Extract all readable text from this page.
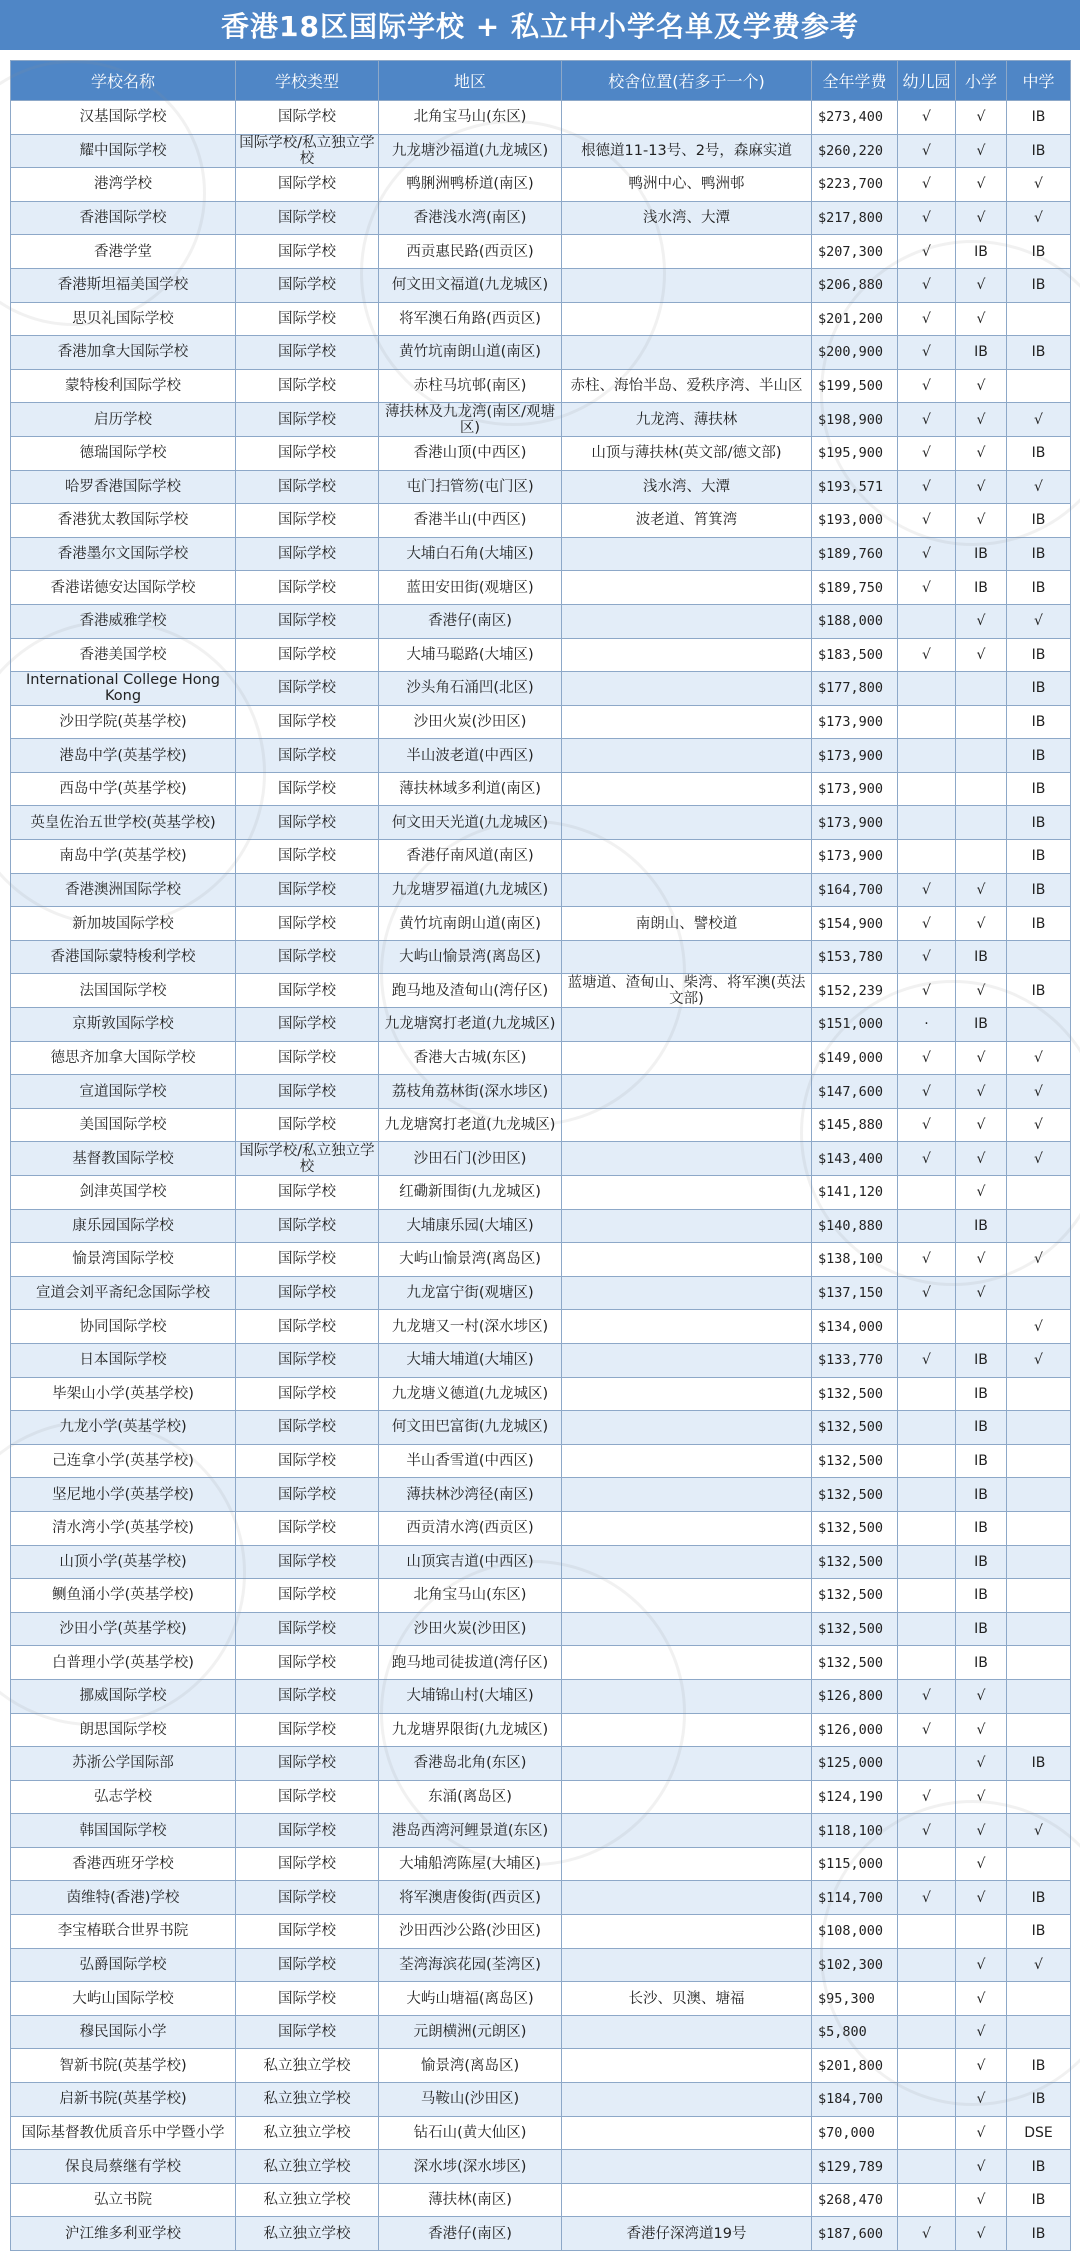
香港18区国际学校 + 私立中小学名单及学费参考
学校名称	学校类型	地区	校舍位置(若多于一个)	全年学费	幼儿园	小学	中学
汉基国际学校	国际学校	北角宝马山(东区)		$273,400	√	√	IB
耀中国际学校	国际学校/私立独立学校	九龙塘沙福道(九龙城区)	根德道11-13号、2号，森麻实道	$260,220	√	√	IB
港湾学校	国际学校	鸭脷洲鸭桥道(南区)	鸭洲中心、鸭洲邨	$223,700	√	√	√
香港国际学校	国际学校	香港浅水湾(南区)	浅水湾、大潭	$217,800	√	√	√
香港学堂	国际学校	西贡惠民路(西贡区)		$207,300	√	IB	IB
香港斯坦福美国学校	国际学校	何文田文福道(九龙城区)		$206,880	√	√	IB
思贝礼国际学校	国际学校	将军澳石角路(西贡区)		$201,200	√	√	
香港加拿大国际学校	国际学校	黄竹坑南朗山道(南区)		$200,900	√	IB	IB
蒙特梭利国际学校	国际学校	赤柱马坑邨(南区)	赤柱、海怡半岛、爱秩序湾、半山区	$199,500	√	√	
启历学校	国际学校	薄扶林及九龙湾(南区/观塘区)	九龙湾、薄扶林	$198,900	√	√	√
德瑞国际学校	国际学校	香港山顶(中西区)	山顶与薄扶林(英文部/德文部)	$195,900	√	√	IB
哈罗香港国际学校	国际学校	屯门扫管笏(屯门区)	浅水湾、大潭	$193,571	√	√	√
香港犹太教国际学校	国际学校	香港半山(中西区)	波老道、筲箕湾	$193,000	√	√	IB
香港墨尔文国际学校	国际学校	大埔白石角(大埔区)		$189,760	√	IB	IB
香港诺德安达国际学校	国际学校	蓝田安田街(观塘区)		$189,750	√	IB	IB
香港威雅学校	国际学校	香港仔(南区)		$188,000		√	√
香港美国学校	国际学校	大埔马聪路(大埔区)		$183,500	√	√	IB
International College Hong Kong	国际学校	沙头角石涌凹(北区)		$177,800			IB
沙田学院(英基学校)	国际学校	沙田火炭(沙田区)		$173,900			IB
港岛中学(英基学校)	国际学校	半山波老道(中西区)		$173,900			IB
西岛中学(英基学校)	国际学校	薄扶林域多利道(南区)		$173,900			IB
英皇佐治五世学校(英基学校)	国际学校	何文田天光道(九龙城区)		$173,900			IB
南岛中学(英基学校)	国际学校	香港仔南风道(南区)		$173,900			IB
香港澳洲国际学校	国际学校	九龙塘罗福道(九龙城区)		$164,700	√	√	IB
新加坡国际学校	国际学校	黄竹坑南朗山道(南区)	南朗山、譬校道	$154,900	√	√	IB
香港国际蒙特梭利学校	国际学校	大屿山愉景湾(离岛区)		$153,780	√	IB	
法国国际学校	国际学校	跑马地及渣甸山(湾仔区)	蓝塘道、渣甸山、柴湾、将军澳(英法文部)	$152,239	√	√	IB
京斯敦国际学校	国际学校	九龙塘窝打老道(九龙城区)		$151,000	·	IB	
德思齐加拿大国际学校	国际学校	香港大古城(东区)		$149,000	√	√	√
宣道国际学校	国际学校	荔枝角荔林街(深水埗区)		$147,600	√	√	√
美国国际学校	国际学校	九龙塘窝打老道(九龙城区)		$145,880	√	√	√
基督教国际学校	国际学校/私立独立学校	沙田石门(沙田区)		$143,400	√	√	√
剑津英国学校	国际学校	红磡新围街(九龙城区)		$141,120		√	
康乐园国际学校	国际学校	大埔康乐园(大埔区)		$140,880		IB	
愉景湾国际学校	国际学校	大屿山愉景湾(离岛区)		$138,100	√	√	√
宣道会刘平斋纪念国际学校	国际学校	九龙富宁街(观塘区)		$137,150	√	√	
协同国际学校	国际学校	九龙塘又一村(深水埗区)		$134,000			√
日本国际学校	国际学校	大埔大埔道(大埔区)		$133,770	√	IB	√
毕架山小学(英基学校)	国际学校	九龙塘义德道(九龙城区)		$132,500		IB	
九龙小学(英基学校)	国际学校	何文田巴富街(九龙城区)		$132,500		IB	
己连拿小学(英基学校)	国际学校	半山香雪道(中西区)		$132,500		IB	
坚尼地小学(英基学校)	国际学校	薄扶林沙湾径(南区)		$132,500		IB	
清水湾小学(英基学校)	国际学校	西贡清水湾(西贡区)		$132,500		IB	
山顶小学(英基学校)	国际学校	山顶宾吉道(中西区)		$132,500		IB	
鲗鱼涌小学(英基学校)	国际学校	北角宝马山(东区)		$132,500		IB	
沙田小学(英基学校)	国际学校	沙田火炭(沙田区)		$132,500		IB	
白普理小学(英基学校)	国际学校	跑马地司徒拔道(湾仔区)		$132,500		IB	
挪威国际学校	国际学校	大埔锦山村(大埔区)		$126,800	√	√	
朗思国际学校	国际学校	九龙塘界限街(九龙城区)		$126,000	√	√	
苏浙公学国际部	国际学校	香港岛北角(东区)		$125,000		√	IB
弘志学校	国际学校	东涌(离岛区)		$124,190	√	√	
韩国国际学校	国际学校	港岛西湾河鲤景道(东区)		$118,100	√	√	√
香港西班牙学校	国际学校	大埔船湾陈屋(大埔区)		$115,000		√	
茵维特(香港)学校	国际学校	将军澳唐俊街(西贡区)		$114,700	√	√	IB
李宝椿联合世界书院	国际学校	沙田西沙公路(沙田区)		$108,000			IB
弘爵国际学校	国际学校	荃湾海滨花园(荃湾区)		$102,300		√	√
大屿山国际学校	国际学校	大屿山塘福(离岛区)	长沙、贝澳、塘福	$95,300		√	
穆民国际小学	国际学校	元朗横洲(元朗区)		$5,800		√	
智新书院(英基学校)	私立独立学校	愉景湾(离岛区)		$201,800		√	IB
启新书院(英基学校)	私立独立学校	马鞍山(沙田区)		$184,700		√	IB
国际基督教优质音乐中学暨小学	私立独立学校	钻石山(黄大仙区)		$70,000		√	DSE
保良局蔡继有学校	私立独立学校	深水埗(深水埗区)		$129,789		√	IB
弘立书院	私立独立学校	薄扶林(南区)		$268,470		√	IB
沪江维多利亚学校	私立独立学校	香港仔(南区)	香港仔深湾道19号	$187,600	√	√	IB
